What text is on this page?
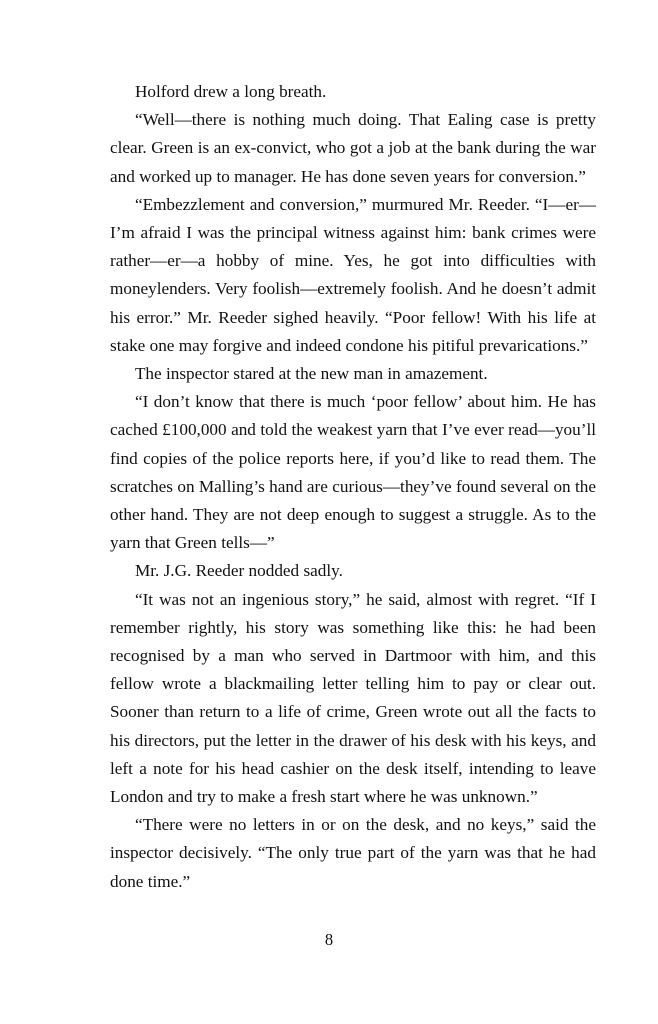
Holford drew a long breath.

“Well—there is nothing much doing. That Ealing case is pretty clear. Green is an ex-convict, who got a job at the bank during the war and worked up to manager. He has done seven years for conversion.”

“Embezzlement and conversion,” murmured Mr. Reeder. “I—er—I’m afraid I was the principal witness against him: bank crimes were rather—er—a hobby of mine. Yes, he got into difficulties with moneylenders. Very foolish—extremely foolish. And he doesn’t admit his error.” Mr. Reeder sighed heavily. “Poor fellow! With his life at stake one may forgive and indeed condone his pitiful prevarications.”

The inspector stared at the new man in amazement.

“I don’t know that there is much ‘poor fellow’ about him. He has cached £100,000 and told the weakest yarn that I’ve ever read—you’ll find copies of the police reports here, if you’d like to read them. The scratches on Malling’s hand are curious—they’ve found several on the other hand. They are not deep enough to suggest a struggle. As to the yarn that Green tells—”

Mr. J.G. Reeder nodded sadly.

“It was not an ingenious story,” he said, almost with regret. “If I remember rightly, his story was something like this: he had been recognised by a man who served in Dartmoor with him, and this fellow wrote a blackmailing letter telling him to pay or clear out. Sooner than return to a life of crime, Green wrote out all the facts to his directors, put the letter in the drawer of his desk with his keys, and left a note for his head cashier on the desk itself, intending to leave London and try to make a fresh start where he was unknown.”

“There were no letters in or on the desk, and no keys,” said the inspector decisively. “The only true part of the yarn was that he had done time.”

8
